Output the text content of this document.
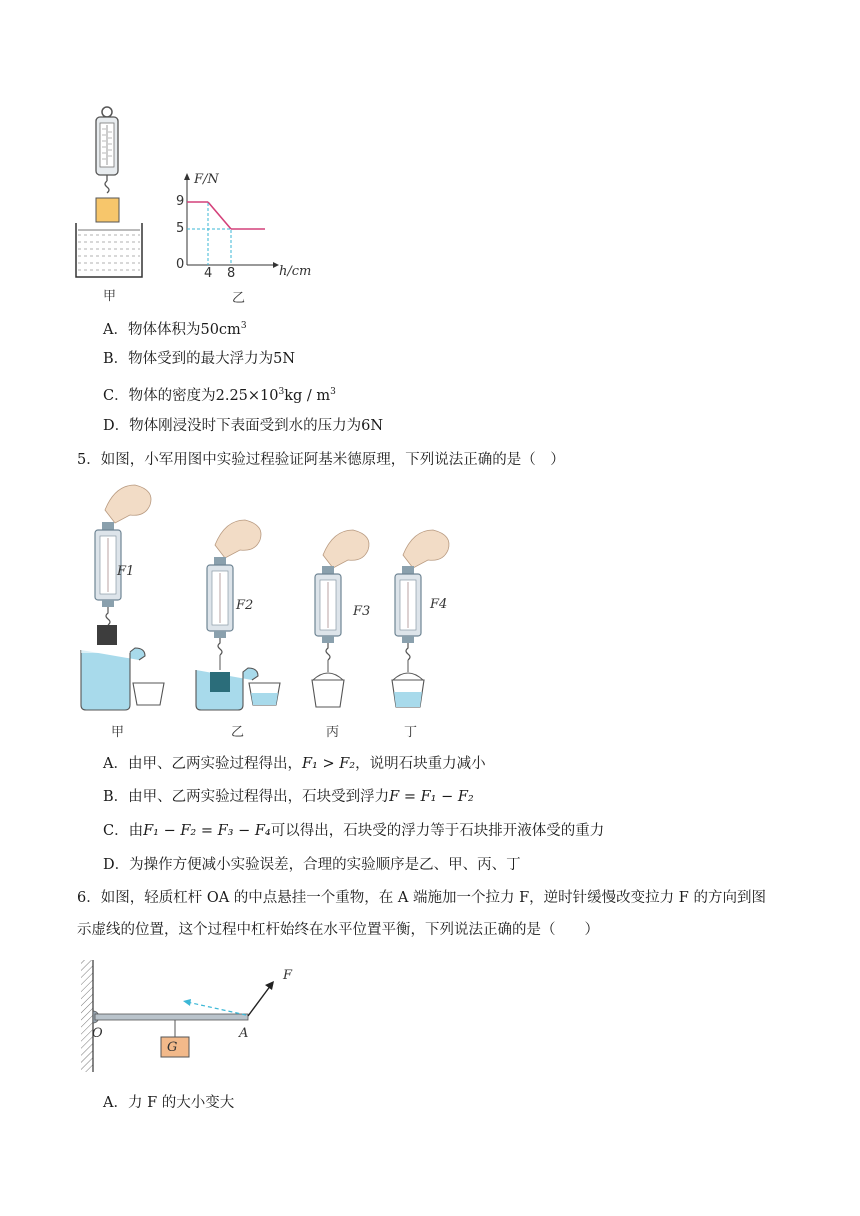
甲
F/N
9
5
0
4 8	h/cm
乙
A．物体体积为$50cm^3$
B．物体受到的最大浮力为5N
C．物体的密度为$2.25\times 10^3kg / m^3$
D．物体刚浸没时下表面受到水的压力为6N
5．如图，小军用图中实验过程验证阿基米德原理，下列说法正确的是（　）
F1
F2	F3	F4
甲	乙	丙	丁
A．由甲、乙两实验过程得出，F₁ > F₂，说明石块重力减小
B．由甲、乙两实验过程得出，石块受到浮力F = F₁ − F₂
C．由F₁ − F₂ = F₃ − F₄可以得出，石块受的浮力等于石块排开液体受的重力
D．为操作方便减小实验误差，合理的实验顺序是乙、甲、丙、丁
6．如图，轻质杠杆 OA 的中点悬挂一个重物，在 A 端施加一个拉力 F，逆时针缓慢改变拉力 F 的方向到图
示虚线的位置，这个过程中杠杆始终在水平位置平衡，下列说法正确的是（　　）
O	A
F
G
A．力 F 的大小变大
